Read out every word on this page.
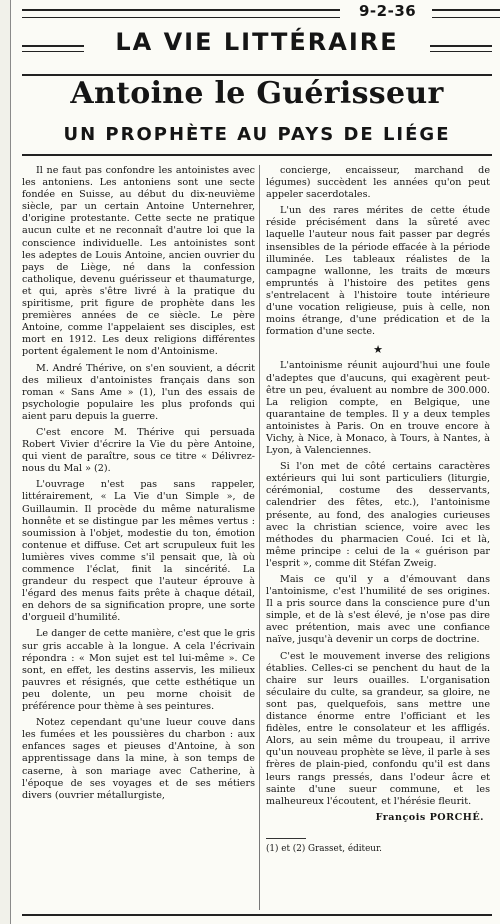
9-2-36
LA VIE LITTÉRAIRE
Antoine le Guérisseur
UN PROPHÈTE AU PAYS DE LIÉGE

Il ne faut pas confondre les antoinistes avec les antoniens. Les antoniens sont une secte fondée en Suisse, au début du dix-neuvième siècle, par un certain Antoine Unternehrer, d'origine protestante. Cette secte ne pratique aucun culte et ne reconnaît d'autre loi que la conscience individuelle. Les antoinistes sont les adeptes de Louis Antoine, ancien ouvrier du pays de Liège, né dans la confession catholique, devenu guérisseur et thaumaturge, et qui, après s'être livré à la pratique du spiritisme, prit figure de prophète dans les premières années de ce siècle. Le père Antoine, comme l'appelaient ses disciples, est mort en 1912. Les deux religions différentes portent également le nom d'Antoinisme.

M. André Thérive, on s'en souvient, a décrit des milieux d'antoinistes français dans son roman « Sans Ame » (1), l'un des essais de psychologie populaire les plus profonds qui aient paru depuis la guerre.

C'est encore M. Thérive qui persuada Robert Vivier d'écrire la Vie du père Antoine, qui vient de paraître, sous ce titre « Délivrez-nous du Mal » (2).

L'ouvrage n'est pas sans rappeler, littérairement, « La Vie d'un Simple », de Guillaumin. Il procède du même naturalisme honnête et se distingue par les mêmes vertus : soumission à l'objet, modestie du ton, émotion contenue et diffuse. Cet art scrupuleux fuit les lumières vives comme s'il pensait que, là où commence l'éclat, finit la sincérité. La grandeur du respect que l'auteur éprouve à l'égard des menus faits prête à chaque détail, en dehors de sa signification propre, une sorte d'orgueil d'humilité.

Le danger de cette manière, c'est que le gris sur gris accable à la longue. A cela l'écrivain répondra : « Mon sujet est tel lui-même ». Ce sont, en effet, les destins asservis, les milieux pauvres et résignés, que cette esthétique un peu dolente, un peu morne choisit de préférence pour thème à ses peintures.

Notez cependant qu'une lueur couve dans les fumées et les poussières du charbon : aux enfances sages et pieuses d'Antoine, à son apprentissage dans la mine, à son temps de caserne, à son mariage avec Catherine, à l'époque de ses voyages et de ses métiers divers (ouvrier métallurgiste,

concierge, encaisseur, marchand de légumes) succèdent les années qu'on peut appeler sacerdotales.

L'un des rares mérites de cette étude réside précisément dans la sûreté avec laquelle l'auteur nous fait passer par degrés insensibles de la période effacée à la période illuminée. Les tableaux réalistes de la campagne wallonne, les traits de mœurs empruntés à l'histoire des petites gens s'entrelacent à l'histoire toute intérieure d'une vocation religieuse, puis à celle, non moins étrange, d'une prédication et de la formation d'une secte.

★

L'antoinisme réunit aujourd'hui une foule d'adeptes que d'aucuns, qui exagèrent peut-être un peu, évaluent au nombre de 300.000. La religion compte, en Belgique, une quarantaine de temples. Il y a deux temples antoinistes à Paris. On en trouve encore à Vichy, à Nice, à Monaco, à Tours, à Nantes, à Lyon, à Valenciennes.

Si l'on met de côté certains caractères extérieurs qui lui sont particuliers (liturgie, cérémonial, costume des desservants, calendrier des fêtes, etc.), l'antoinisme présente, au fond, des analogies curieuses avec la christian science, voire avec les méthodes du pharmacien Coué. Ici et là, même principe : celui de la « guérison par l'esprit », comme dit Stéfan Zweig.

Mais ce qu'il y a d'émouvant dans l'antoinisme, c'est l'humilité de ses origines. Il a pris source dans la conscience pure d'un simple, et de là s'est élevé, je n'ose pas dire avec prétention, mais avec une confiance naïve, jusqu'à devenir un corps de doctrine.

C'est le mouvement inverse des religions établies. Celles-ci se penchent du haut de la chaire sur leurs ouailles. L'organisation séculaire du culte, sa grandeur, sa gloire, ne sont pas, quelquefois, sans mettre une distance énorme entre l'officiant et les fidèles, entre le consolateur et les affligés. Alors, au sein même du troupeau, il arrive qu'un nouveau prophète se lève, il parle à ses frères de plain-pied, confondu qu'il est dans leurs rangs pressés, dans l'odeur âcre et sainte d'une sueur commune, et les malheureux l'écoutent, et l'hérésie fleurit.

François PORCHÉ.

(1) et (2) Grasset, éditeur.
